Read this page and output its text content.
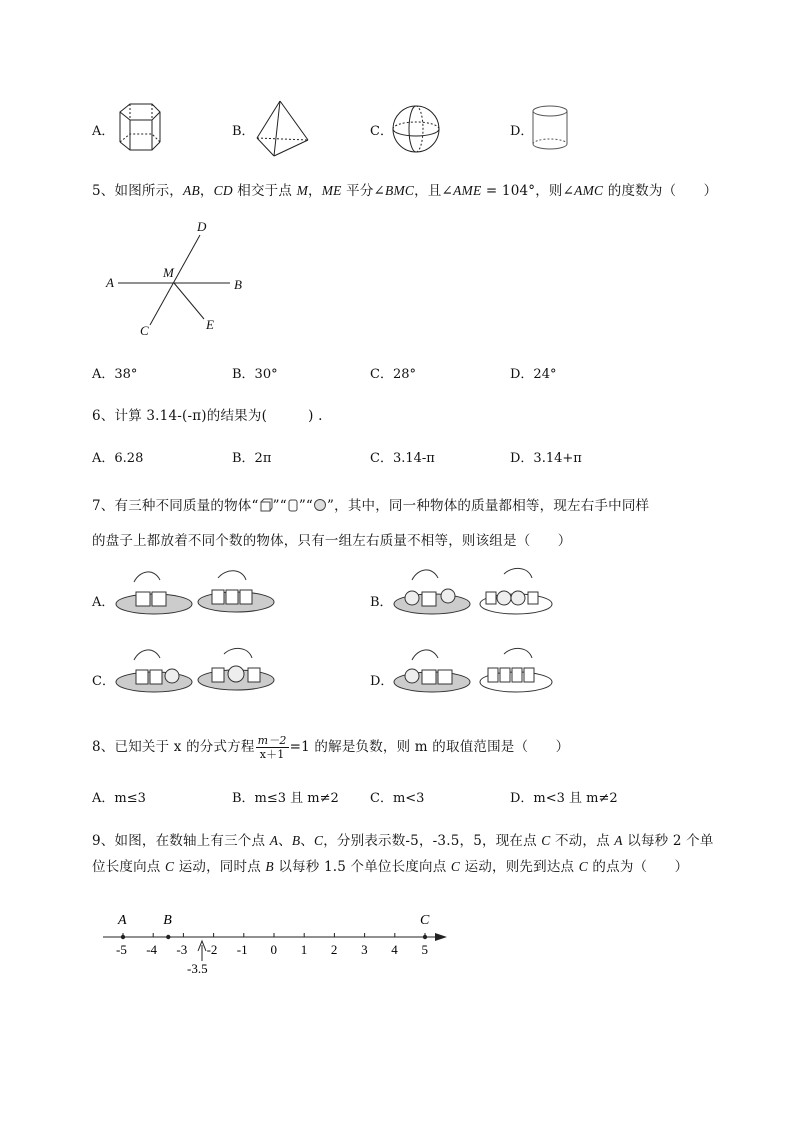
A．	B．	C．	D．
5、如图所示，AB，CD 相交于点 M，ME 平分∠BMC，且∠AME = 104°，则∠AMC 的度数为（　　）
A	B
C
D
E
M
A．38°	B．30°	C．28°	D．24°
6、计算 3.14-(-π)的结果为(　　　) .
A．6.28	B．2π	C．3.14-π	D．3.14+π
7、有三种不同质量的物体“ ”“ ”“ ”，其中，同一种物体的质量都相等，现左右手中同样
的盘子上都放着不同个数的物体，只有一组左右质量不相等，则该组是（　　）
A．	B．
C．	D．
8、已知关于 x 的分式方程 $\frac{m-2}{x+1} =1$ 的解是负数，则 m 的取值范围是（　　）
A．m≤3	B．m≤3 且 m≠2 C．m<3	D．m<3 且 m≠2
9、如图，在数轴上有三个点 A、B、C，分别表示数-5，-3.5，5，现在点 C 不动，点 A 以每秒 2 个单
位长度向点 C 运动，同时点 B 以每秒 1.5 个单位长度向点 C 运动，则先到达点 C 的点为（　　）
-5 -4 -3 -2 -1 0 1 2 3 4 5
A	B	C
-3.5
